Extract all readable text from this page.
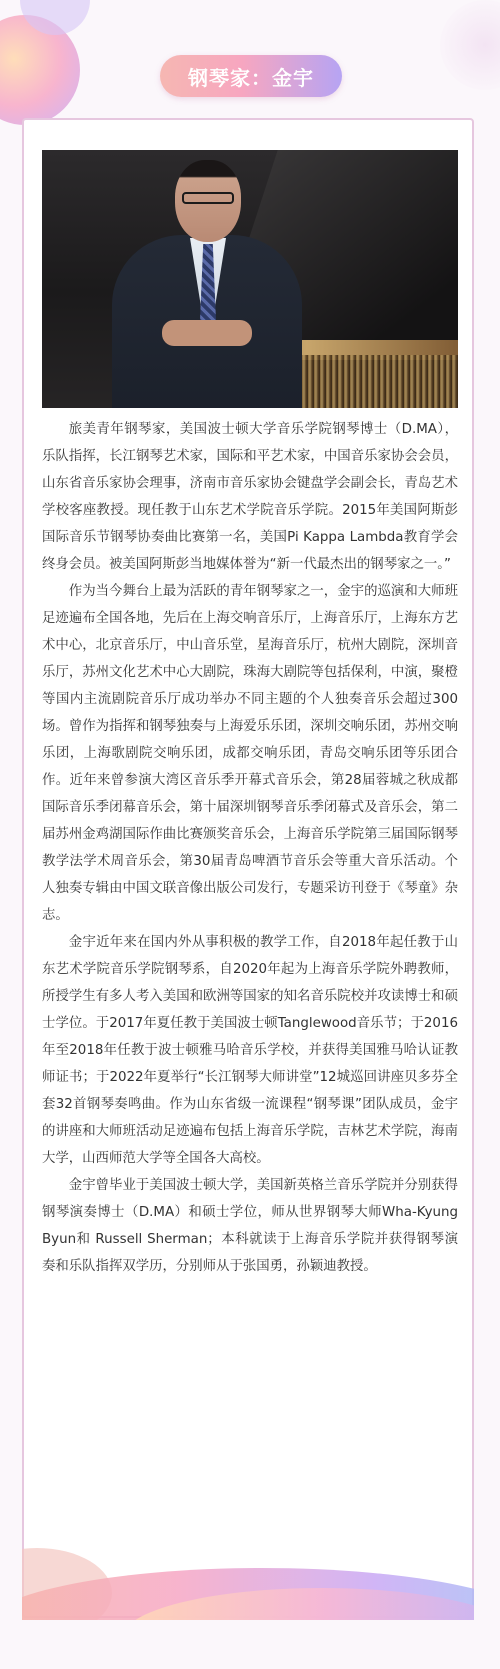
钢琴家：金宇

旅美青年钢琴家，美国波士顿大学音乐学院钢琴博士（D.MA），乐队指挥，长江钢琴艺术家，国际和平艺术家，中国音乐家协会会员，山东省音乐家协会理事，济南市音乐家协会键盘学会副会长，青岛艺术学校客座教授。现任教于山东艺术学院音乐学院。2015年美国阿斯彭国际音乐节钢琴协奏曲比赛第一名，美国Pi Kappa Lambda教育学会终身会员。被美国阿斯彭当地媒体誉为“新一代最杰出的钢琴家之一。”

作为当今舞台上最为活跃的青年钢琴家之一，金宇的巡演和大师班足迹遍布全国各地，先后在上海交响音乐厅，上海音乐厅，上海东方艺术中心，北京音乐厅，中山音乐堂，星海音乐厅，杭州大剧院，深圳音乐厅，苏州文化艺术中心大剧院，珠海大剧院等包括保利，中演，聚橙等国内主流剧院音乐厅成功举办不同主题的个人独奏音乐会超过300场。曾作为指挥和钢琴独奏与上海爱乐乐团，深圳交响乐团，苏州交响乐团，上海歌剧院交响乐团，成都交响乐团，青岛交响乐团等乐团合作。近年来曾参演大湾区音乐季开幕式音乐会，第28届蓉城之秋成都国际音乐季闭幕音乐会，第十届深圳钢琴音乐季闭幕式及音乐会，第二届苏州金鸡湖国际作曲比赛颁奖音乐会，上海音乐学院第三届国际钢琴教学法学术周音乐会，第30届青岛啤酒节音乐会等重大音乐活动。个人独奏专辑由中国文联音像出版公司发行，专题采访刊登于《琴童》杂志。

金宇近年来在国内外从事积极的教学工作，自2018年起任教于山东艺术学院音乐学院钢琴系，自2020年起为上海音乐学院外聘教师，所授学生有多人考入美国和欧洲等国家的知名音乐院校并攻读博士和硕士学位。于2017年夏任教于美国波士顿Tanglewood音乐节；于2016年至2018年任教于波士顿雅马哈音乐学校，并获得美国雅马哈认证教师证书；于2022年夏举行“长江钢琴大师讲堂”12城巡回讲座贝多芬全套32首钢琴奏鸣曲。作为山东省级一流课程“钢琴课”团队成员，金宇的讲座和大师班活动足迹遍布包括上海音乐学院，吉林艺术学院，海南大学，山西师范大学等全国各大高校。

金宇曾毕业于美国波士顿大学，美国新英格兰音乐学院并分别获得钢琴演奏博士（D.MA）和硕士学位，师从世界钢琴大师Wha-Kyung Byun和 Russell Sherman；本科就读于上海音乐学院并获得钢琴演奏和乐队指挥双学历，分别师从于张国勇，孙颖迪教授。
